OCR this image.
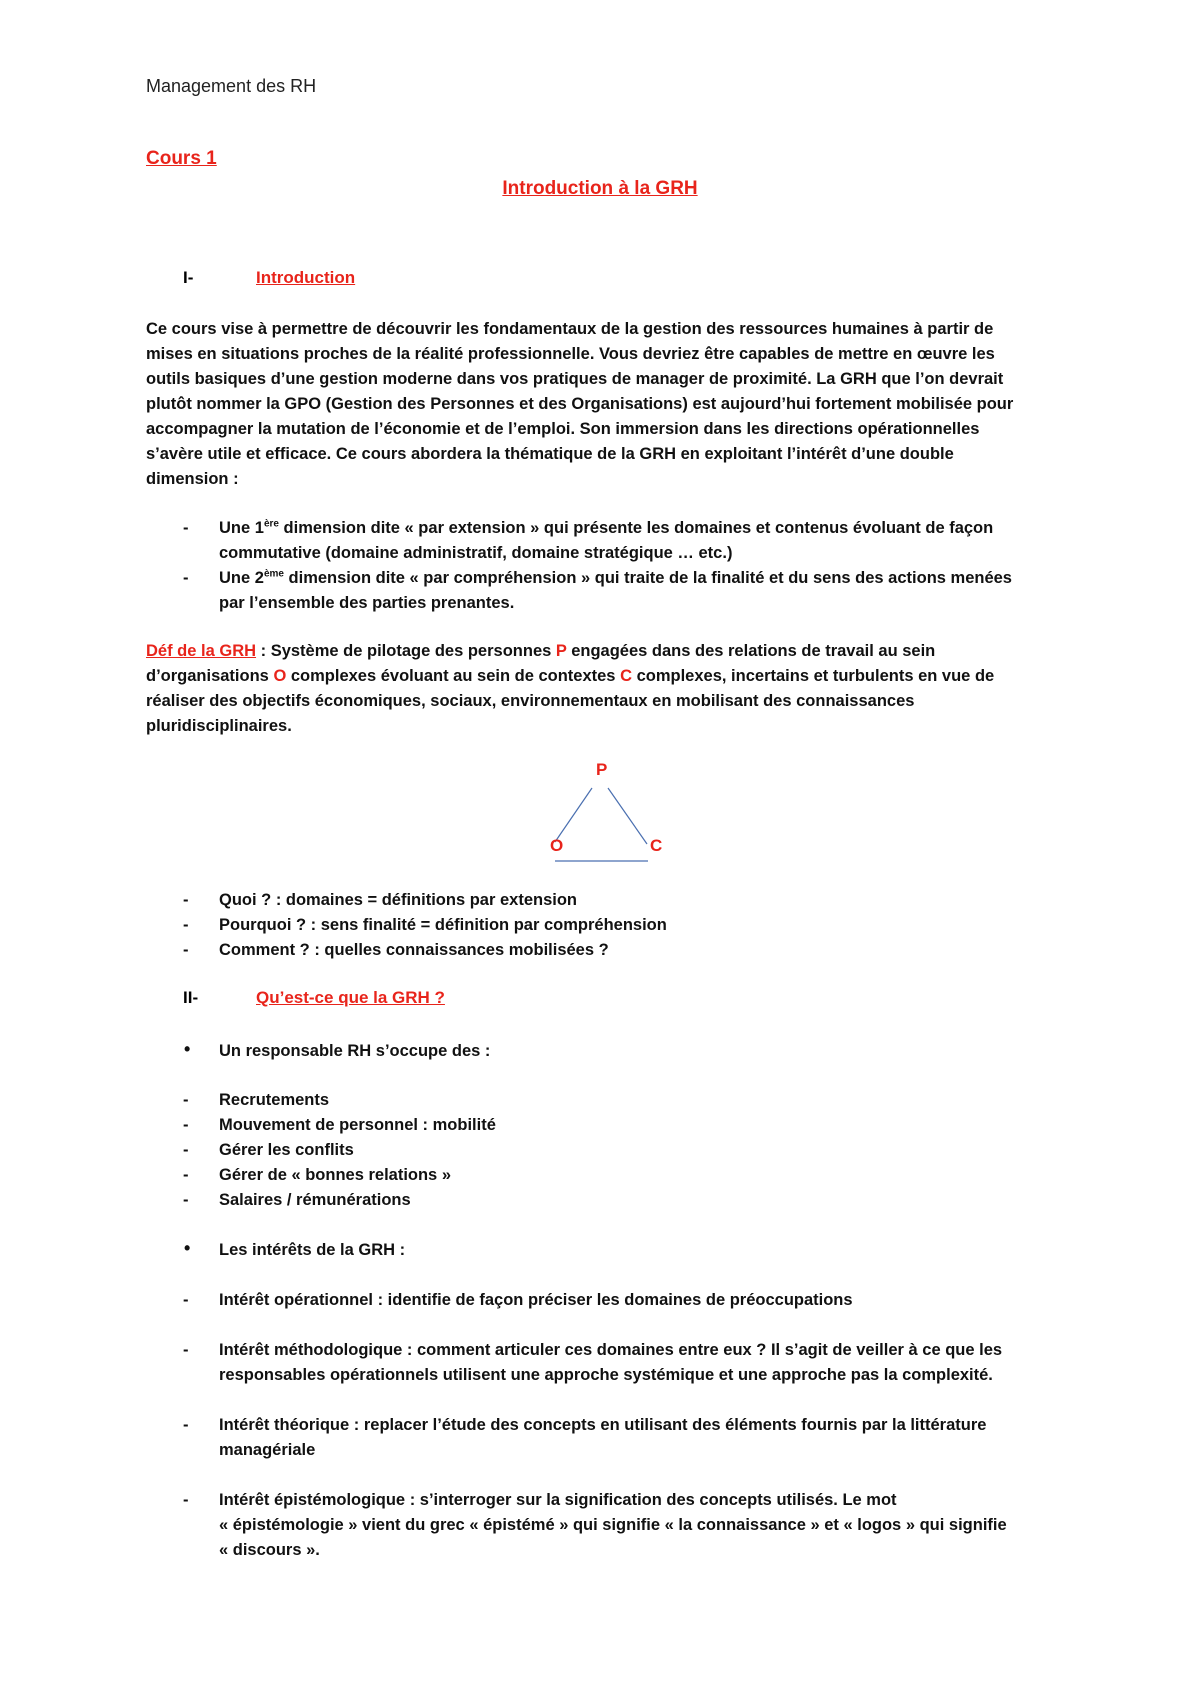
Management des RH
Cours 1
Introduction à la GRH
I-	Introduction
Ce cours vise à permettre de découvrir les fondamentaux de la gestion des ressources humaines à partir de
mises en situations proches de la réalité professionnelle. Vous devriez être capables de mettre en œuvre les
outils basiques d’une gestion moderne dans vos pratiques de manager de proximité. La GRH que l’on devrait
plutôt nommer la GPO (Gestion des Personnes et des Organisations) est aujourd’hui fortement mobilisée pour
accompagner la mutation de l’économie et de l’emploi. Son immersion dans les directions opérationnelles
s’avère utile et efficace. Ce cours abordera la thématique de la GRH en exploitant l’intérêt d’une double
dimension :
- Une 1ère dimension dite « par extension » qui présente les domaines et contenus évoluant de façon
commutative (domaine administratif, domaine stratégique … etc.)
- Une 2ème dimension dite « par compréhension » qui traite de la finalité et du sens des actions menées
par l’ensemble des parties prenantes.
Déf de la GRH : Système de pilotage des personnes P engagées dans des relations de travail au sein
d’organisations O complexes évoluant au sein de contextes C complexes, incertains et turbulents en vue de
réaliser des objectifs économiques, sociaux, environnementaux en mobilisant des connaissances
pluridisciplinaires.
P
O	C
- Quoi ? : domaines = définitions par extension
- Pourquoi ? : sens finalité = définition par compréhension
- Comment ? : quelles connaissances mobilisées ?
II-	Qu’est-ce que la GRH ?
• Un responsable RH s’occupe des :
- Recrutements
- Mouvement de personnel : mobilité
- Gérer les conflits
- Gérer de « bonnes relations »
- Salaires / rémunérations
• Les intérêts de la GRH :
- Intérêt opérationnel : identifie de façon préciser les domaines de préoccupations
- Intérêt méthodologique : comment articuler ces domaines entre eux ? Il s’agit de veiller à ce que les
responsables opérationnels utilisent une approche systémique et une approche pas la complexité.
- Intérêt théorique : replacer l’étude des concepts en utilisant des éléments fournis par la littérature
managériale
- Intérêt épistémologique : s’interroger sur la signification des concepts utilisés. Le mot
« épistémologie » vient du grec « épistémé » qui signifie « la connaissance » et « logos » qui signifie
« discours ».
